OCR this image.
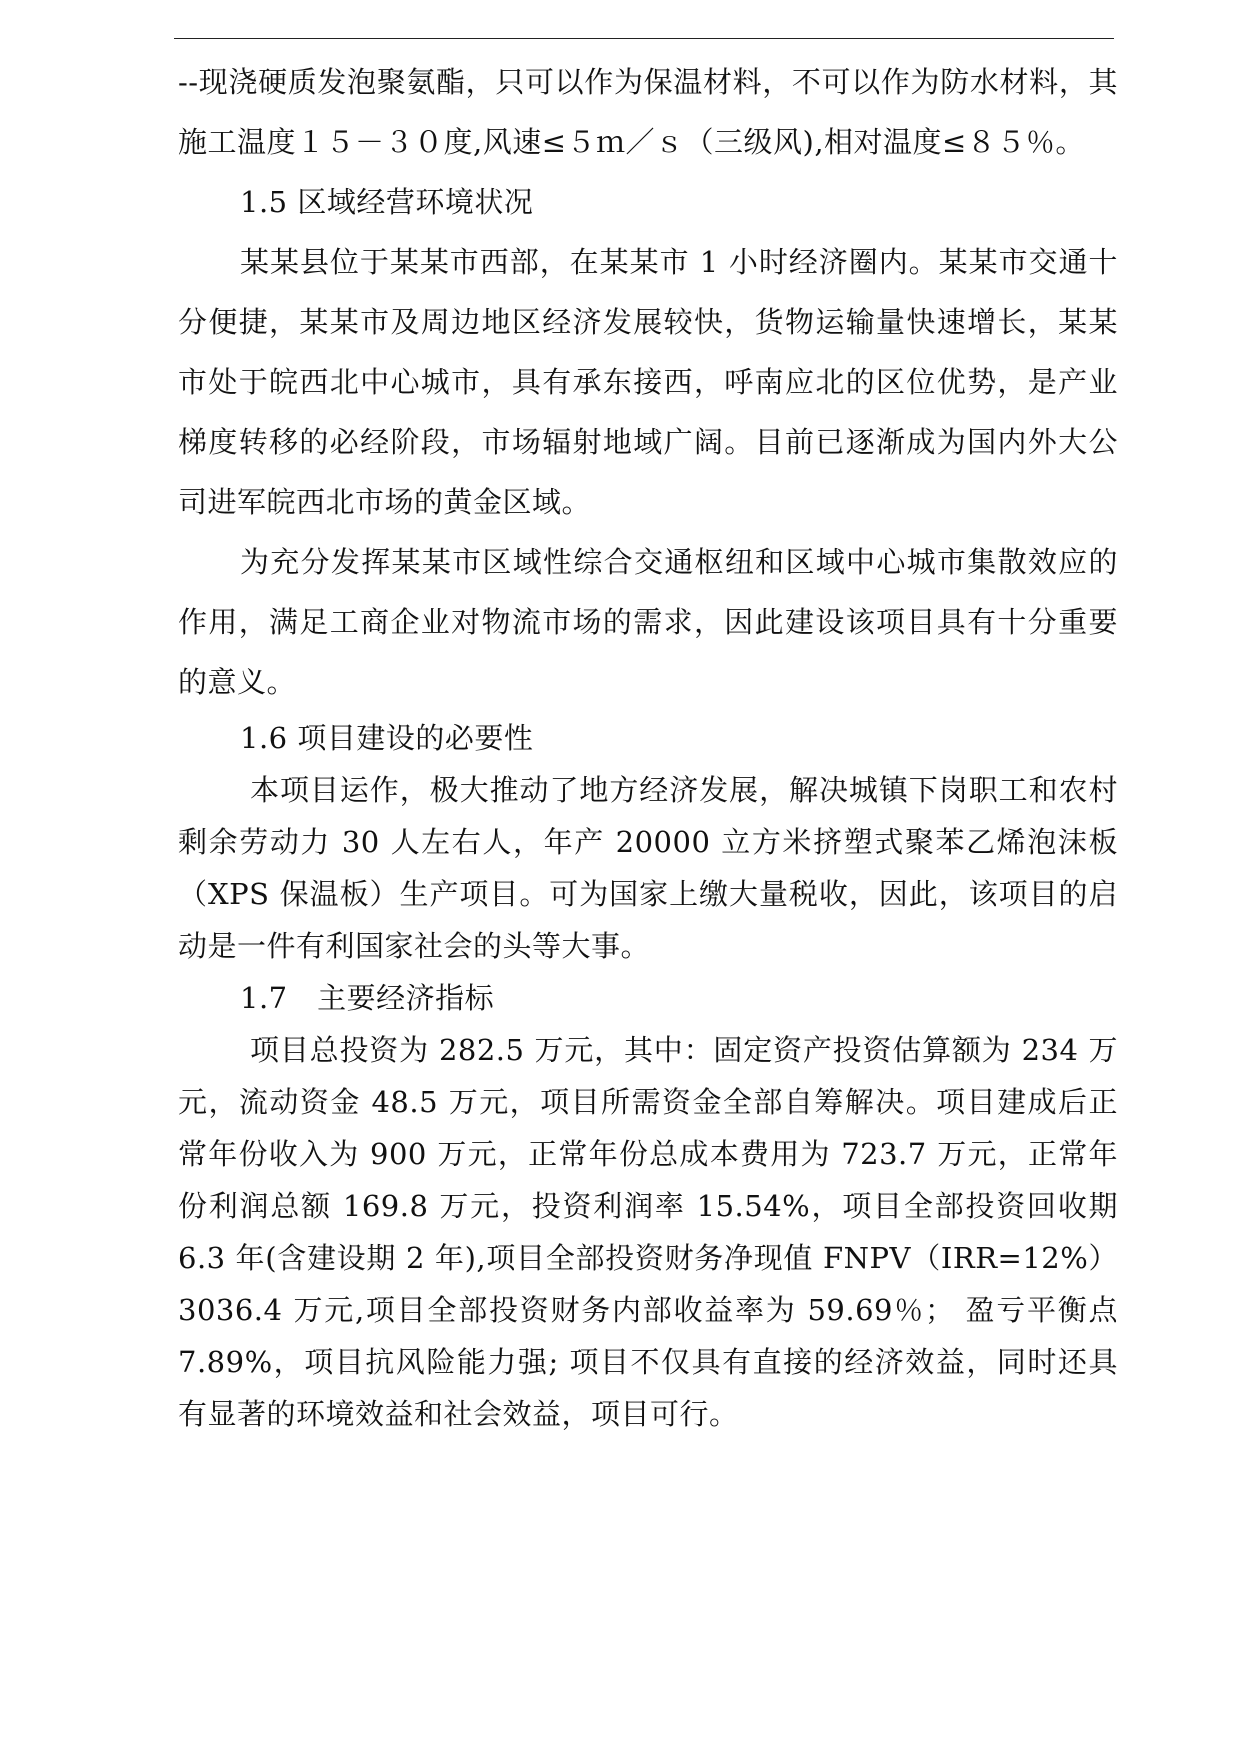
--现浇硬质发泡聚氨酯，只可以作为保温材料，不可以作为防水材料，其施工温度１５－３０度,风速≤５ｍ／ｓ（三级风),相对温度≤８５％。

1.5 区域经营环境状况

某某县位于某某市西部，在某某市 1 小时经济圈内。某某市交通十分便捷，某某市及周边地区经济发展较快，货物运输量快速增长，某某市处于皖西北中心城市，具有承东接西，呼南应北的区位优势，是产业梯度转移的必经阶段，市场辐射地域广阔。目前已逐渐成为国内外大公司进军皖西北市场的黄金区域。

为充分发挥某某市区域性综合交通枢纽和区域中心城市集散效应的作用，满足工商企业对物流市场的需求，因此建设该项目具有十分重要的意义。

1.6 项目建设的必要性

本项目运作，极大推动了地方经济发展，解决城镇下岗职工和农村剩余劳动力 30 人左右人，年产 20000 立方米挤塑式聚苯乙烯泡沫板（XPS 保温板）生产项目。可为国家上缴大量税收，因此，该项目的启动是一件有利国家社会的头等大事。

1.7　主要经济指标

项目总投资为 282.5 万元，其中：固定资产投资估算额为 234 万元，流动资金 48.5 万元，项目所需资金全部自筹解决。项目建成后正常年份收入为 900 万元，正常年份总成本费用为 723.7 万元，正常年份利润总额 169.8 万元，投资利润率 15.54%，项目全部投资回收期 6.3 年(含建设期 2 年),项目全部投资财务净现值 FNPV（IRR=12%）3036.4 万元,项目全部投资财务内部收益率为 59.69％； 盈亏平衡点 7.89%，项目抗风险能力强; 项目不仅具有直接的经济效益，同时还具有显著的环境效益和社会效益，项目可行。
